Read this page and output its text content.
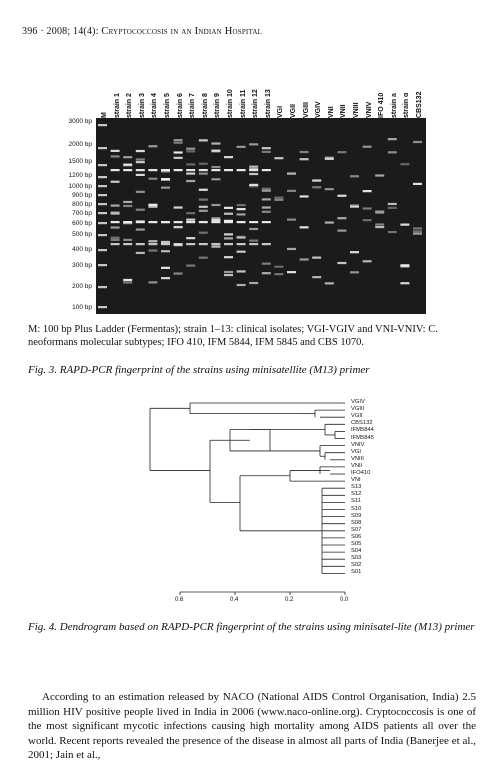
396 · 2008; 14(4): Cryptococcosis in an Indian Hospital
M strain 1 strain 2 strain 3 strain 4 strain 5 strain 6 strain 7 strain 8 strain 9 strain 10 strain 11 strain 12 strain 13 VGI VGII VGIII VGIV VNI VNII VNIII VNIV IFO 410 strain a strain α CBS132
3000 bp
2000 bp
1500 bp
1200 bp
1000 bp
900 bp
800 bp
700 bp
600 bp
500 bp
400 bp
300 bp
200 bp
100 bp
M: 100 bp Plus Ladder (Fermentas); strain 1–13: clinical isolates; VGI-VGIV and VNI-VNIV: C. neoformans molecular subtypes; IFO 410, IFM 5844, IFM 5845 and CBS 1070.
Fig. 3. RAPD-PCR fingerprint of the strains using minisatellite (M13) primer
VGIV
VGIII
VGII
CBS132
IFM5844
IFM5845
VNIV
VGI
VNIII
VNII
IFO410
VNI
S13
S12
S11
S10
S09
S08
S07
S06
S05
S04
S03
S02
S01
0.6	0.4	0.2	0.0
Fig. 4. Dendrogram based on RAPD-PCR fingerprint of the strains using minisatel-lite (M13) primer
According to an estimation released by NACO (National AIDS Control Organisation, India) 2.5 million HIV positive people lived in India in 2006 (www.naco-online.org). Cryptococcosis is one of the most significant mycotic infections causing high mortality among AIDS patients all over the world. Recent reports revealed the presence of the disease in almost all parts of India (Banerjee et al., 2001; Jain et al.,
